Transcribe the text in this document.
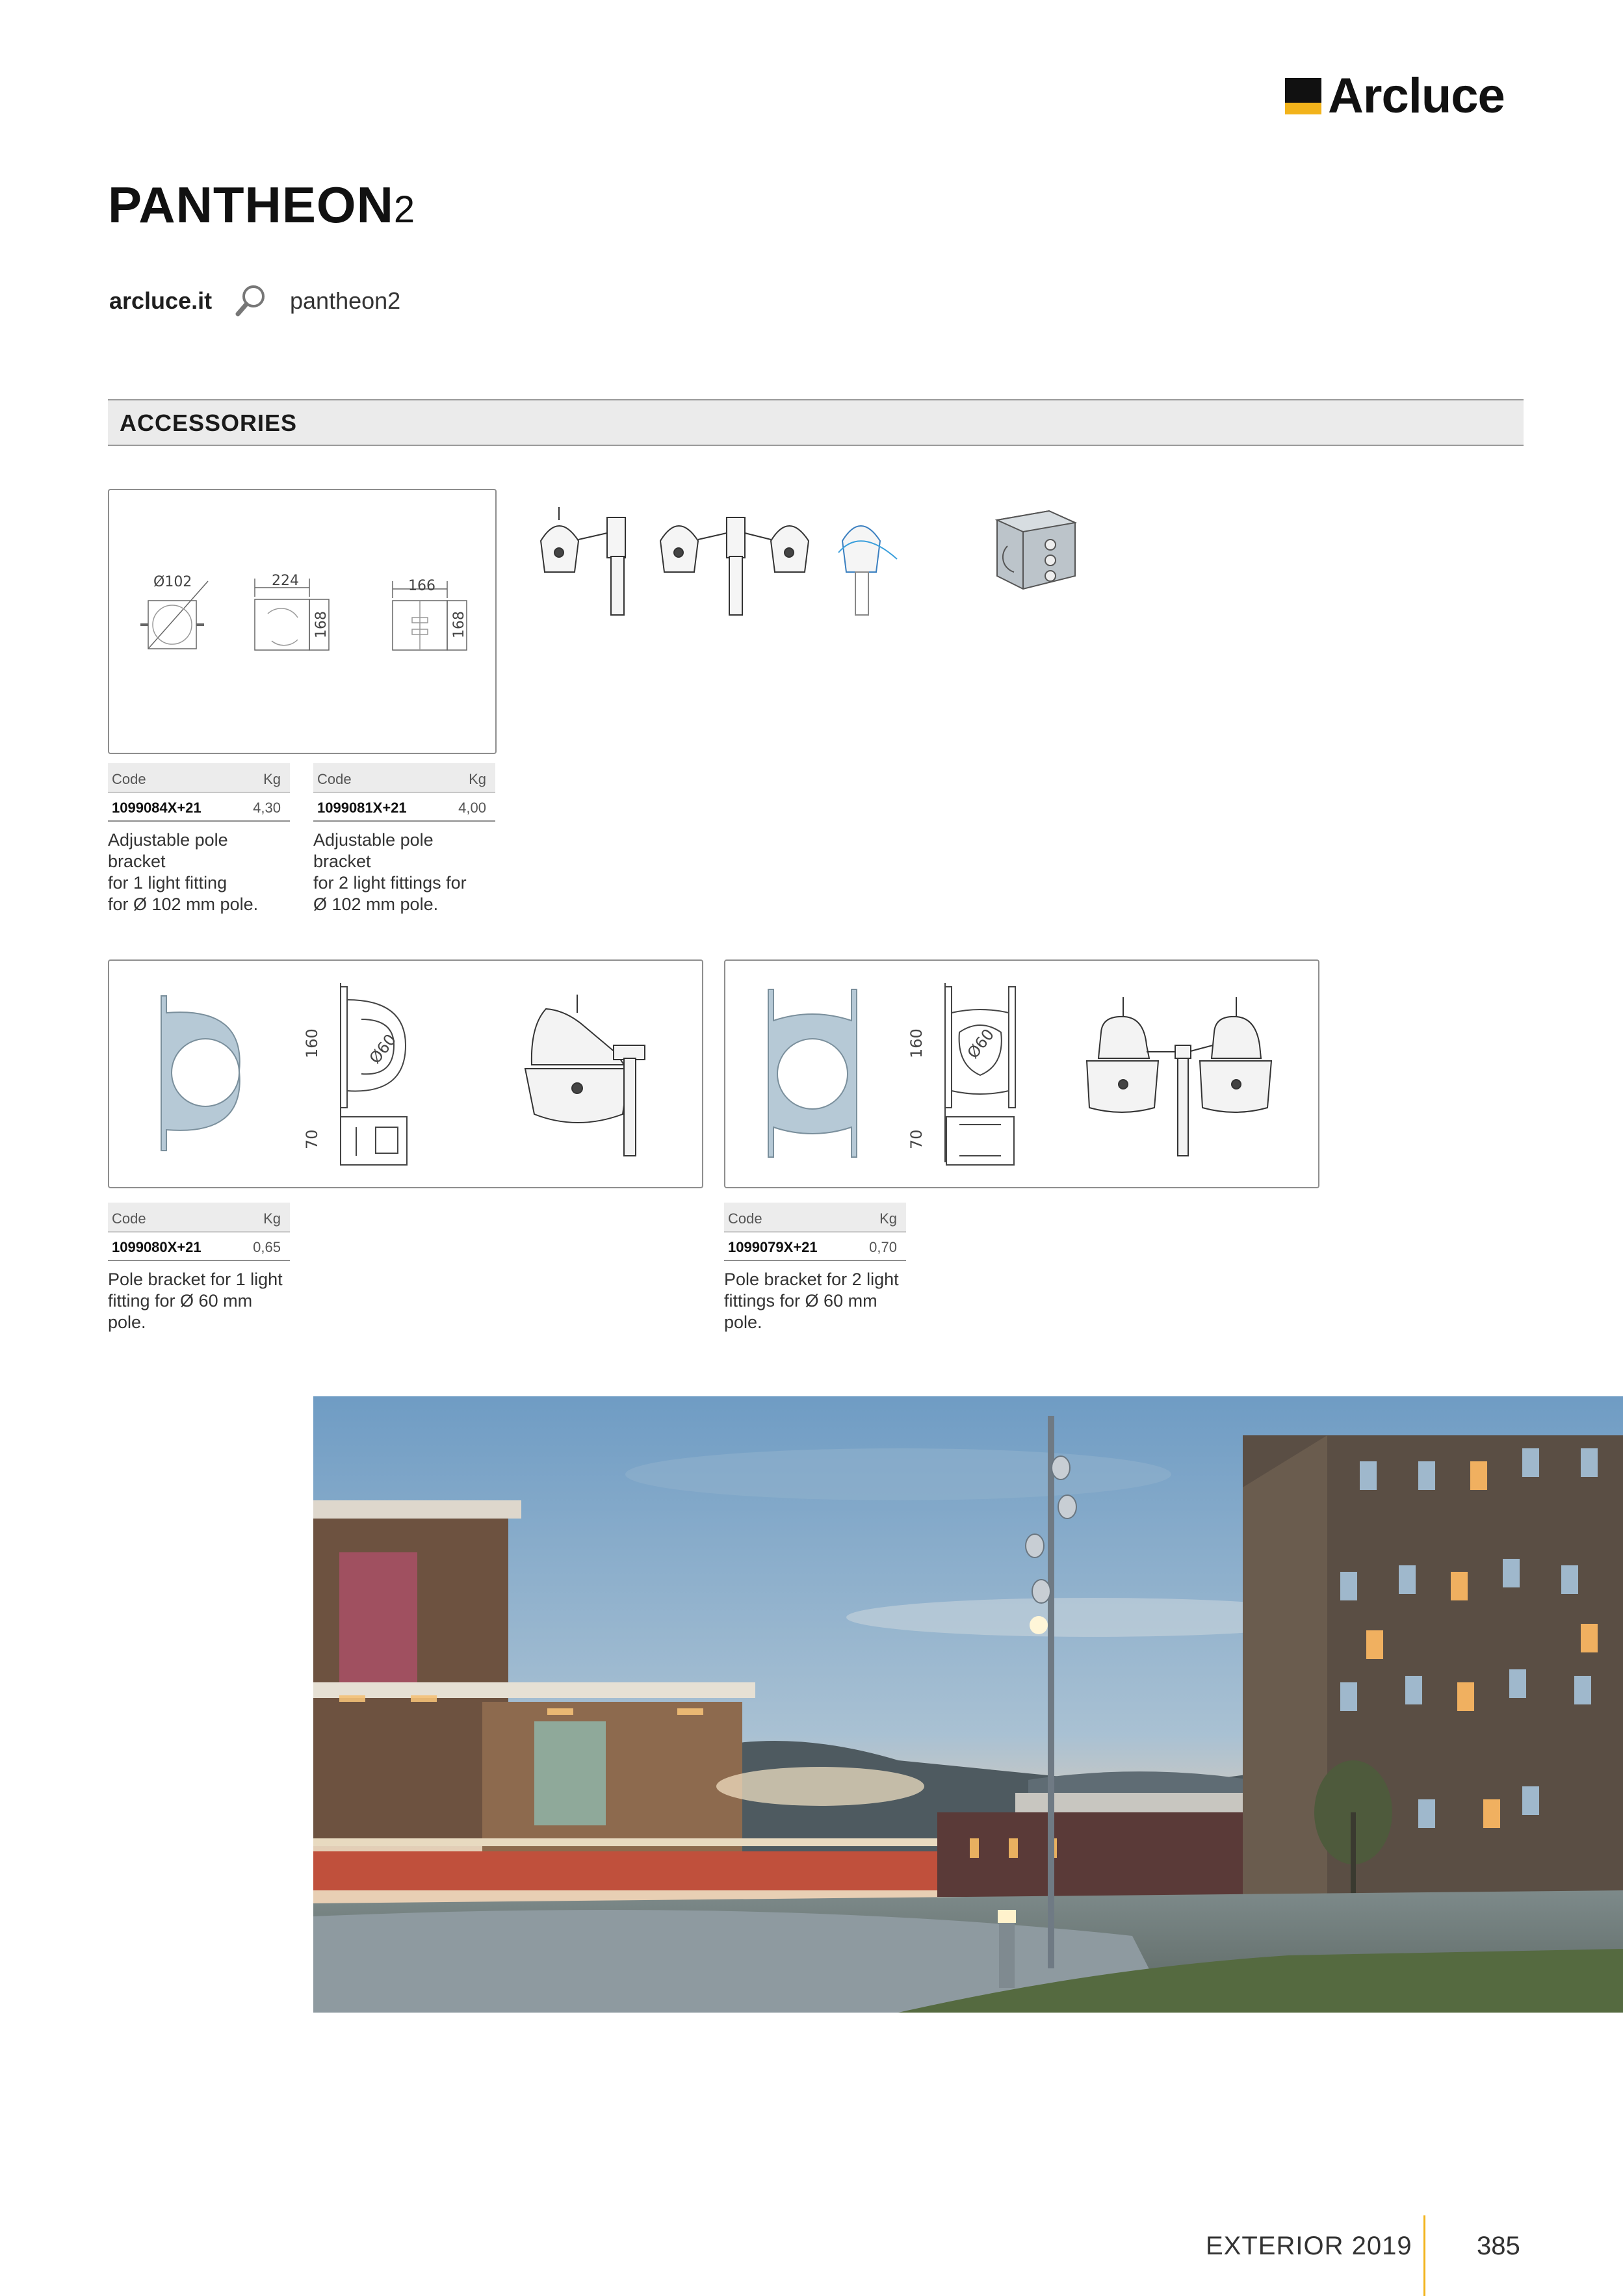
Arcluce
PANTHEON2
arcluce.it	pantheon2
ACCESSORIES
Ø102	224
168
166
168
Code	Kg
1099084X+21	4,30
Adjustable pole bracket
for 1 light fitting
for Ø 102 mm pole.
Code	Kg
1099081X+21	4,00
Adjustable pole bracket
for 2 light fittings for
Ø 102 mm pole.
160	Ø60
70
160 Ø60
70
Code	Kg
1099080X+21	0,65
Pole bracket for 1 light
fitting for Ø 60 mm
pole.
Code	Kg
1099079X+21	0,70
Pole bracket for 2 light
fittings for Ø 60 mm
pole.
EXTERIOR 2019 385
